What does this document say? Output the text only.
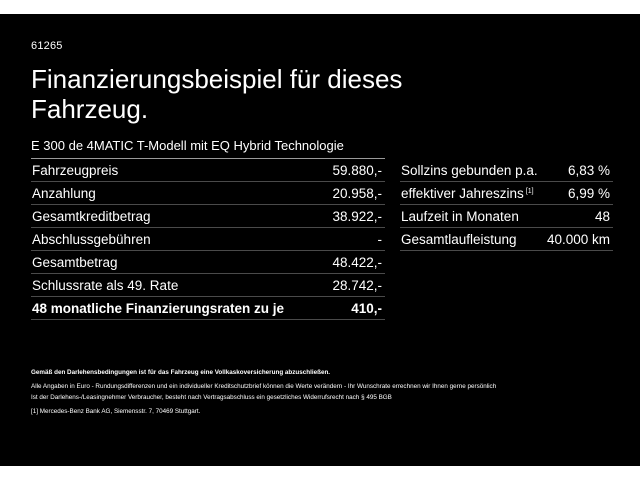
61265
Finanzierungsbeispiel für dieses Fahrzeug.
E 300 de 4MATIC T-Modell mit EQ Hybrid Technologie
Fahrzeugpreis	59.880,-
Anzahlung	20.958,-
Gesamtkreditbetrag	38.922,-
Abschlussgebühren	-
Gesamtbetrag	48.422,-
Schlussrate als 49. Rate	28.742,-
48 monatliche Finanzierungsraten zu je	410,-
Sollzins gebunden p.a.	6,83 %
effektiver Jahreszins [1]	6,99 %
Laufzeit in Monaten	48
Gesamtlaufleistung	40.000 km
Gemäß den Darlehensbedingungen ist für das Fahrzeug eine Vollkaskoversicherung abzuschließen.
Alle Angaben in Euro - Rundungsdifferenzen und ein individueller Kreditschutzbrief können die Werte verändern - Ihr Wunschrate errechnen wir Ihnen gerne persönlich
Ist der Darlehens-/Leasingnehmer Verbraucher, besteht nach Vertragsabschluss ein gesetzliches Widerrufsrecht nach § 495 BGB
[1] Mercedes-Benz Bank AG, Siemensstr. 7, 70469 Stuttgart.
